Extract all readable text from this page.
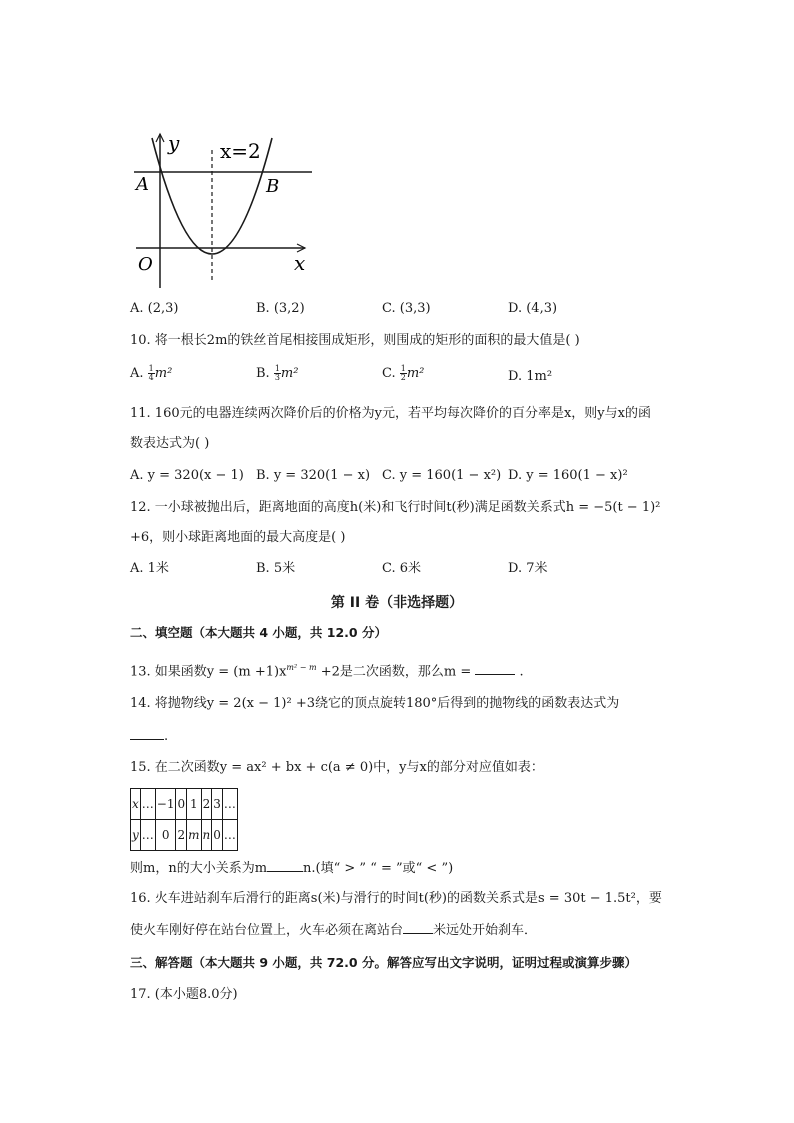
y x=2
A	B
O	x
A. (2,3)	B. (3,2)	C. (3,3)	D. (4,3)
10. 将一根长2m的铁丝首尾相接围成矩形，则围成的矩形的面积的最大值是( )
A. $\frac{1}{4} m^2$	B. $\frac{1}{3} m^2$	C. $\frac{1}{2} m^2$	D. 1m²
11. 160元的电器连续两次降价后的价格为y元，若平均每次降价的百分率是x，则y与x的函
数表达式为( )
A. y = 320(x − 1) B. y = 320(1 − x) C. y = 160(1 − x²) D. y = 160(1 − x)²
12. 一小球被抛出后，距离地面的高度h(米)和飞行时间t(秒)满足函数关系式h = −5(t − 1)²
+6，则小球距离地面的最大高度是( )
A. 1米	B. 5米	C. 6米	D. 7米
第 II 卷（非选择题）
二、填空题（本大题共 4 小题，共 12.0 分）
13. 如果函数$y = (m +1)x^{m^2 - m} +2$是二次函数，那么m =	.
14. 将抛物线y = 2(x − 1)² +3绕它的顶点旋转180°后得到的抛物线的函数表达式为
.
15. 在二次函数y = ax² + bx + c(a ≠ 0)中，y与x的部分对应值如表：
x	…	−1	0	1	2	3	…
y	…	0	2	m	n	0	…
则m，n的大小关系为m	n.(填“ > ” “ = ”或“ < ”)
16. 火车进站刹车后滑行的距离s(米)与滑行的时间t(秒)的函数关系式是s = 30t − 1.5t²，要
使火车刚好停在站台位置上，火车必须在离站台 米远处开始刹车．
三、解答题（本大题共 9 小题，共 72.0 分。解答应写出文字说明，证明过程或演算步骤）
17. (本小题8.0分)
